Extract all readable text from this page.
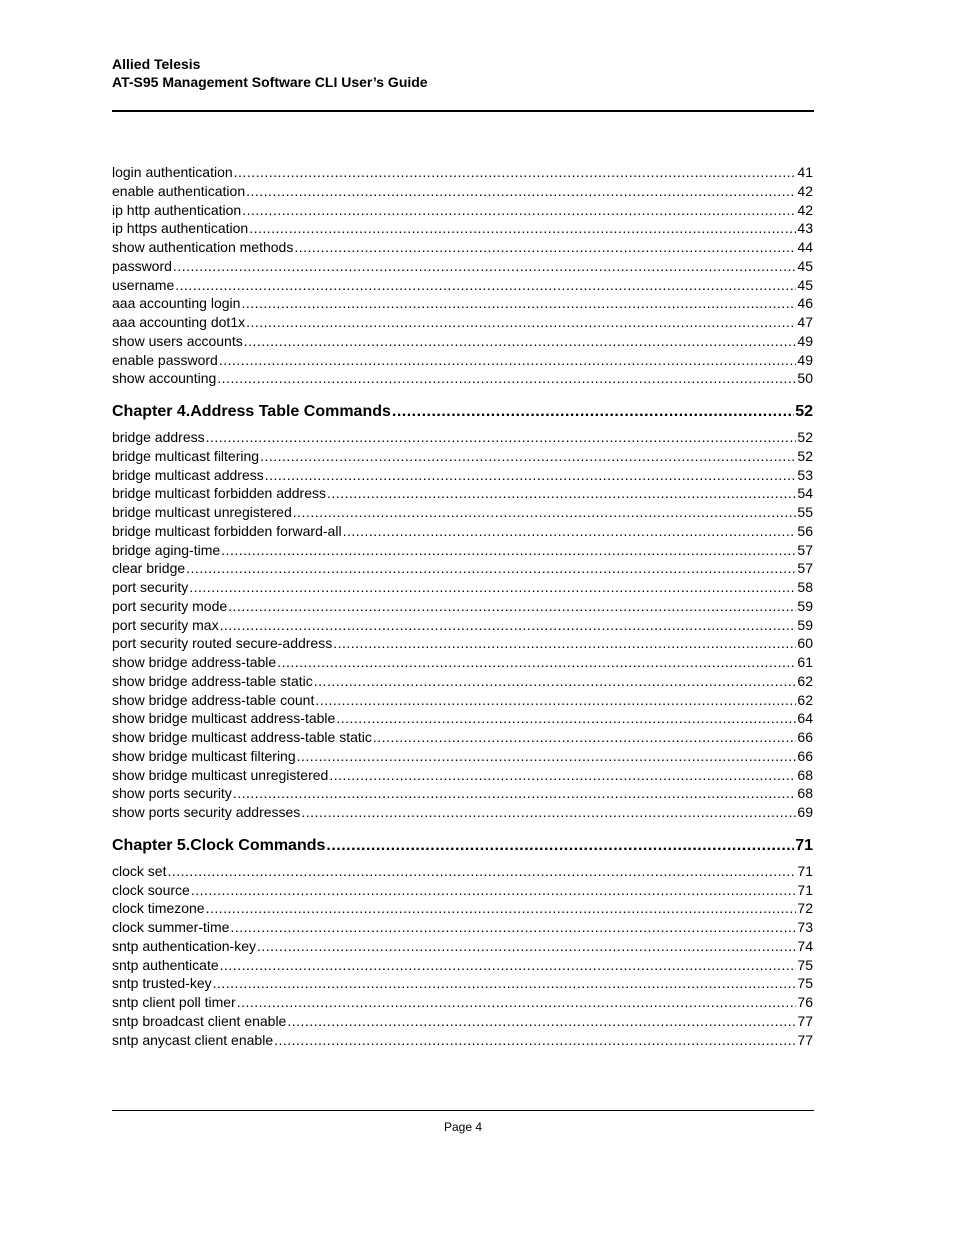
Allied Telesis
AT-S95 Management Software CLI User’s Guide
login authentication .....	41
enable authentication .....	42
ip http authentication .....	42
ip https authentication .....	43
show authentication methods .....	44
password .....	45
username .....	45
aaa accounting login .....	46
aaa accounting dot1x .....	47
show users accounts .....	49
enable password .....	49
show accounting .....	50
Chapter 4.Address Table Commands .....	52
bridge address .....	52
bridge multicast filtering .....	52
bridge multicast address .....	53
bridge multicast forbidden address .....	54
bridge multicast unregistered .....	55
bridge multicast forbidden forward-all .....	56
bridge aging-time .....	57
clear bridge .....	57
port security .....	58
port security mode .....	59
port security max .....	59
port security routed secure-address .....	60
show bridge address-table .....	61
show bridge address-table static .....	62
show bridge address-table count .....	62
show bridge multicast address-table .....	64
show bridge multicast address-table static .....	66
show bridge multicast filtering .....	66
show bridge multicast unregistered .....	68
show ports security .....	68
show ports security addresses .....	69
Chapter 5.Clock Commands .....	71
clock set .....	71
clock source .....	71
clock timezone .....	72
clock summer-time .....	73
sntp authentication-key .....	74
sntp authenticate .....	75
sntp trusted-key .....	75
sntp client poll timer .....	76
sntp broadcast client enable .....	77
sntp anycast client enable .....	77
Page 4
